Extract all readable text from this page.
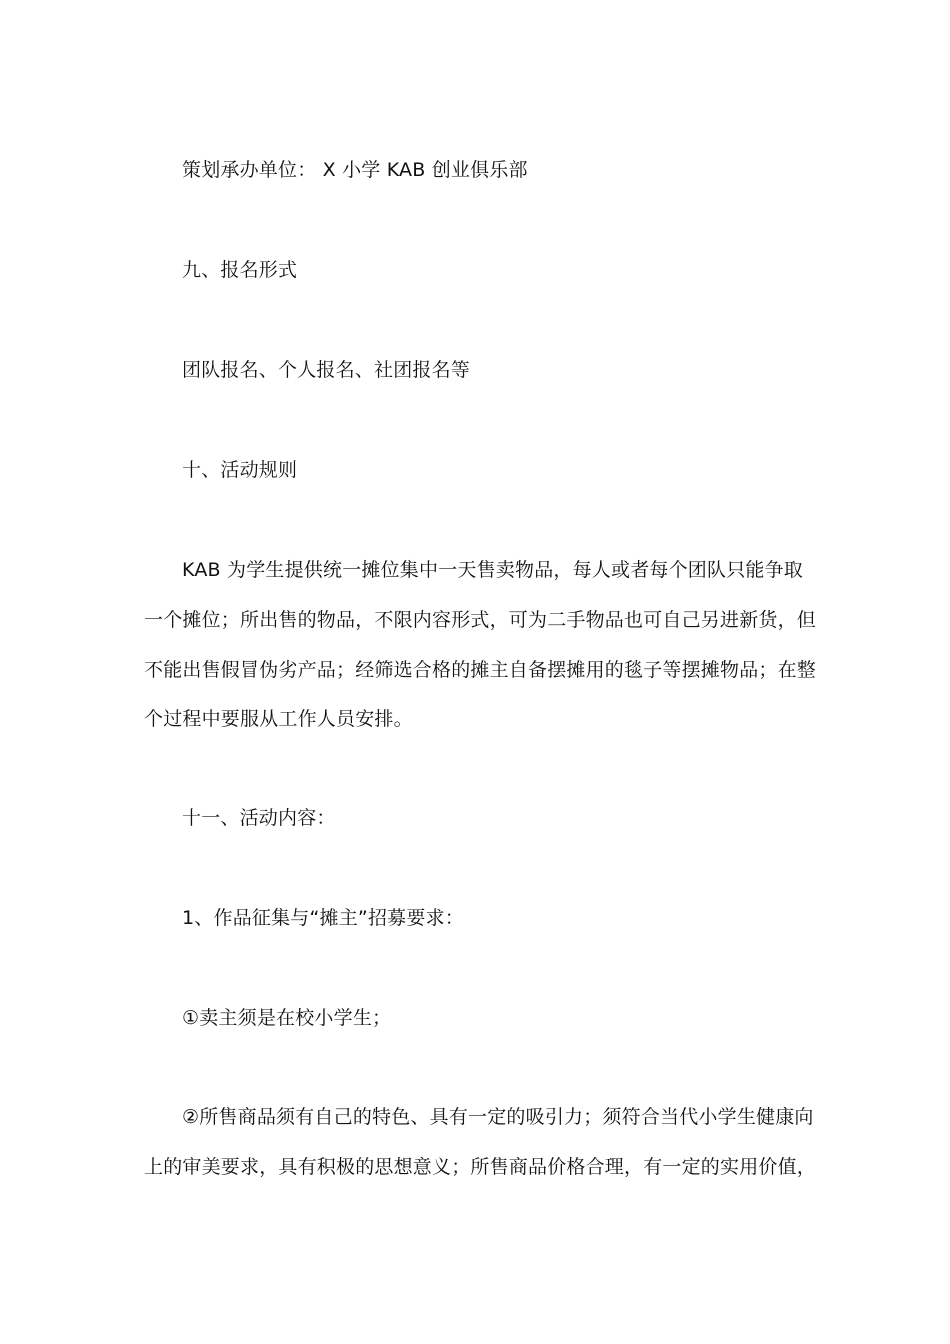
策划承办单位： X 小学 KAB 创业俱乐部
九、报名形式
团队报名、个人报名、社团报名等
十、活动规则
KAB 为学生提供统一摊位集中一天售卖物品，每人或者每个团队只能争取
一个摊位；所出售的物品，不限内容形式，可为二手物品也可自己另进新货，但
不能出售假冒伪劣产品；经筛选合格的摊主自备摆摊用的毯子等摆摊物品；在整
个过程中要服从工作人员安排。
十一、活动内容：
1、作品征集与“摊主”招募要求：
①卖主须是在校小学生；
②所售商品须有自己的特色、具有一定的吸引力；须符合当代小学生健康向
上的审美要求，具有积极的思想意义；所售商品价格合理，有一定的实用价值，
